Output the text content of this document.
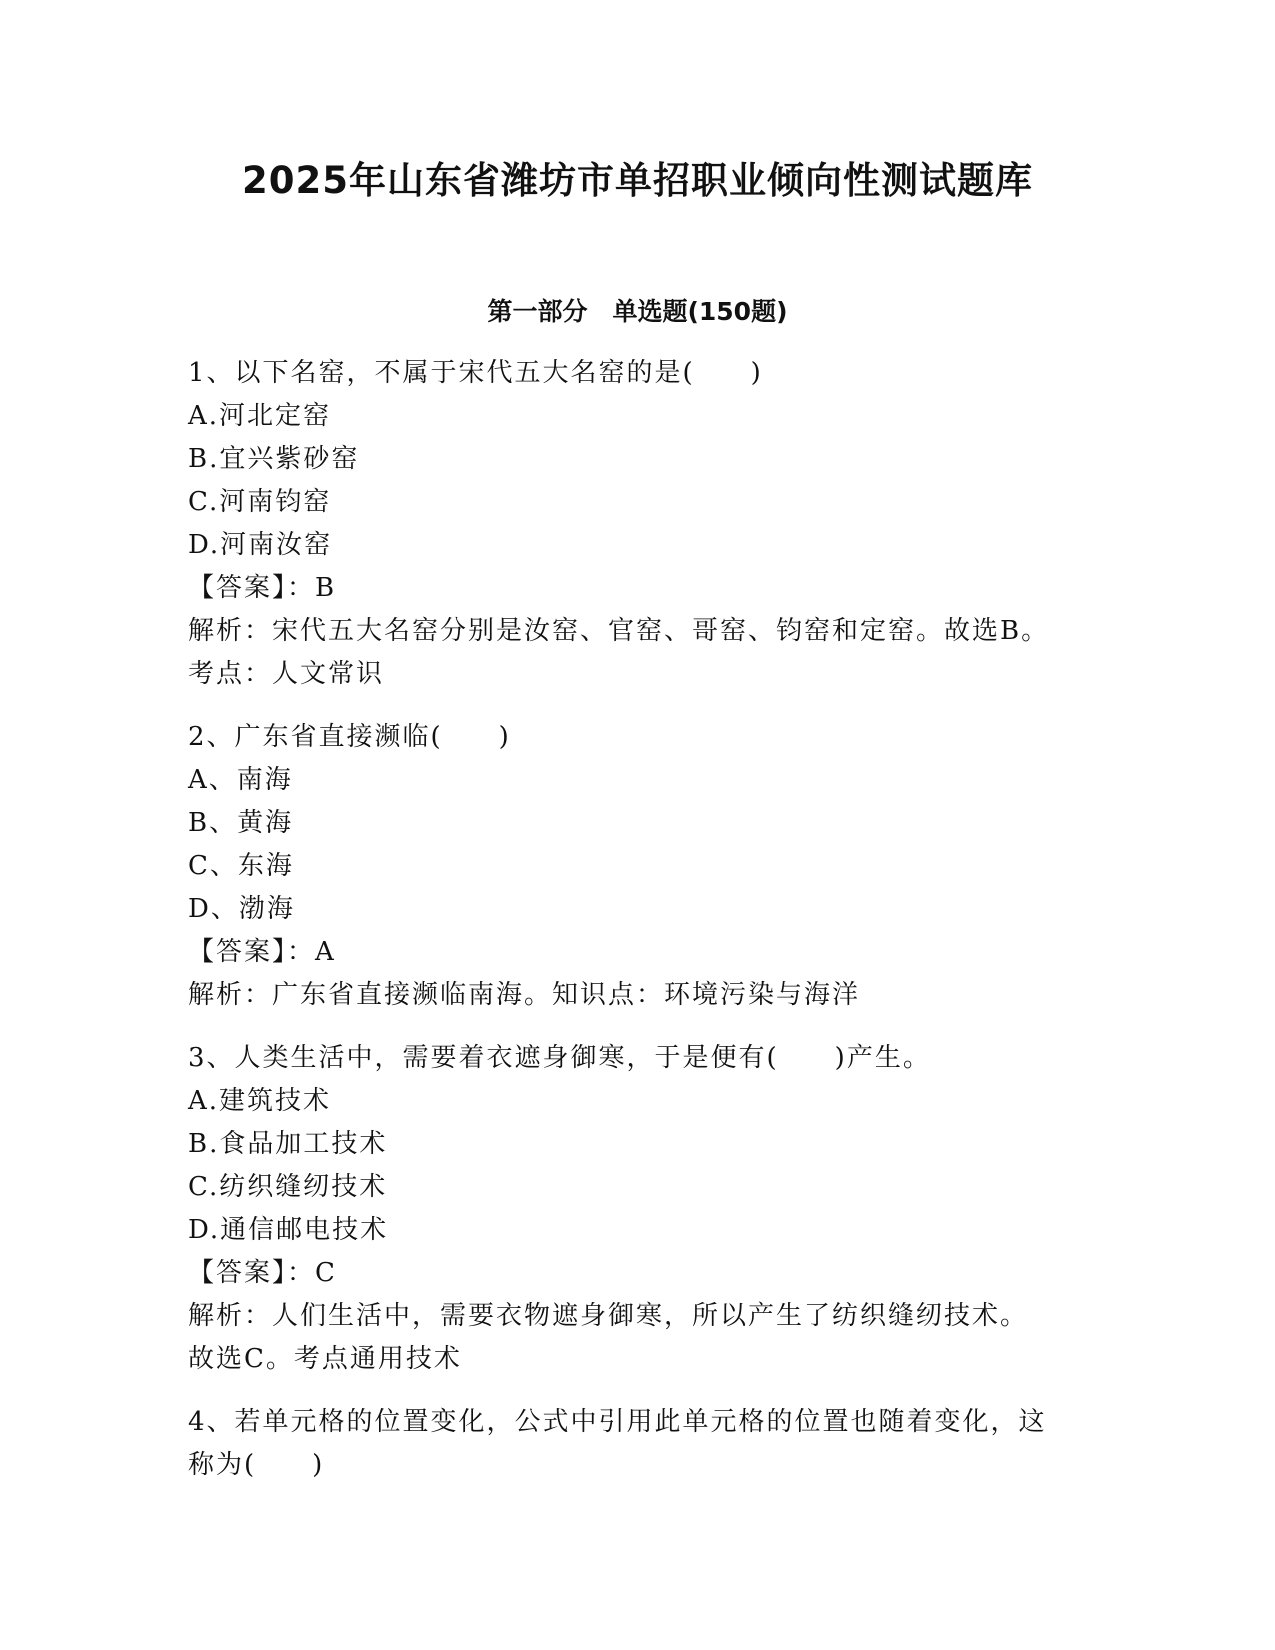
2025年山东省潍坊市单招职业倾向性测试题库
第一部分　单选题(150题)
1、以下名窑，不属于宋代五大名窑的是(　　)
A.河北定窑
B.宜兴紫砂窑
C.河南钧窑
D.河南汝窑
【答案】：B
解析：宋代五大名窑分别是汝窑、官窑、哥窑、钧窑和定窑。故选B。
考点：人文常识
2、广东省直接濒临(　　)
A、南海
B、黄海
C、东海
D、渤海
【答案】：A
解析：广东省直接濒临南海。知识点：环境污染与海洋
3、人类生活中，需要着衣遮身御寒，于是便有(　　)产生。
A.建筑技术
B.食品加工技术
C.纺织缝纫技术
D.通信邮电技术
【答案】：C
解析：人们生活中，需要衣物遮身御寒，所以产生了纺织缝纫技术。
故选C。考点通用技术
4、若单元格的位置变化，公式中引用此单元格的位置也随着变化，这
称为(　　)
